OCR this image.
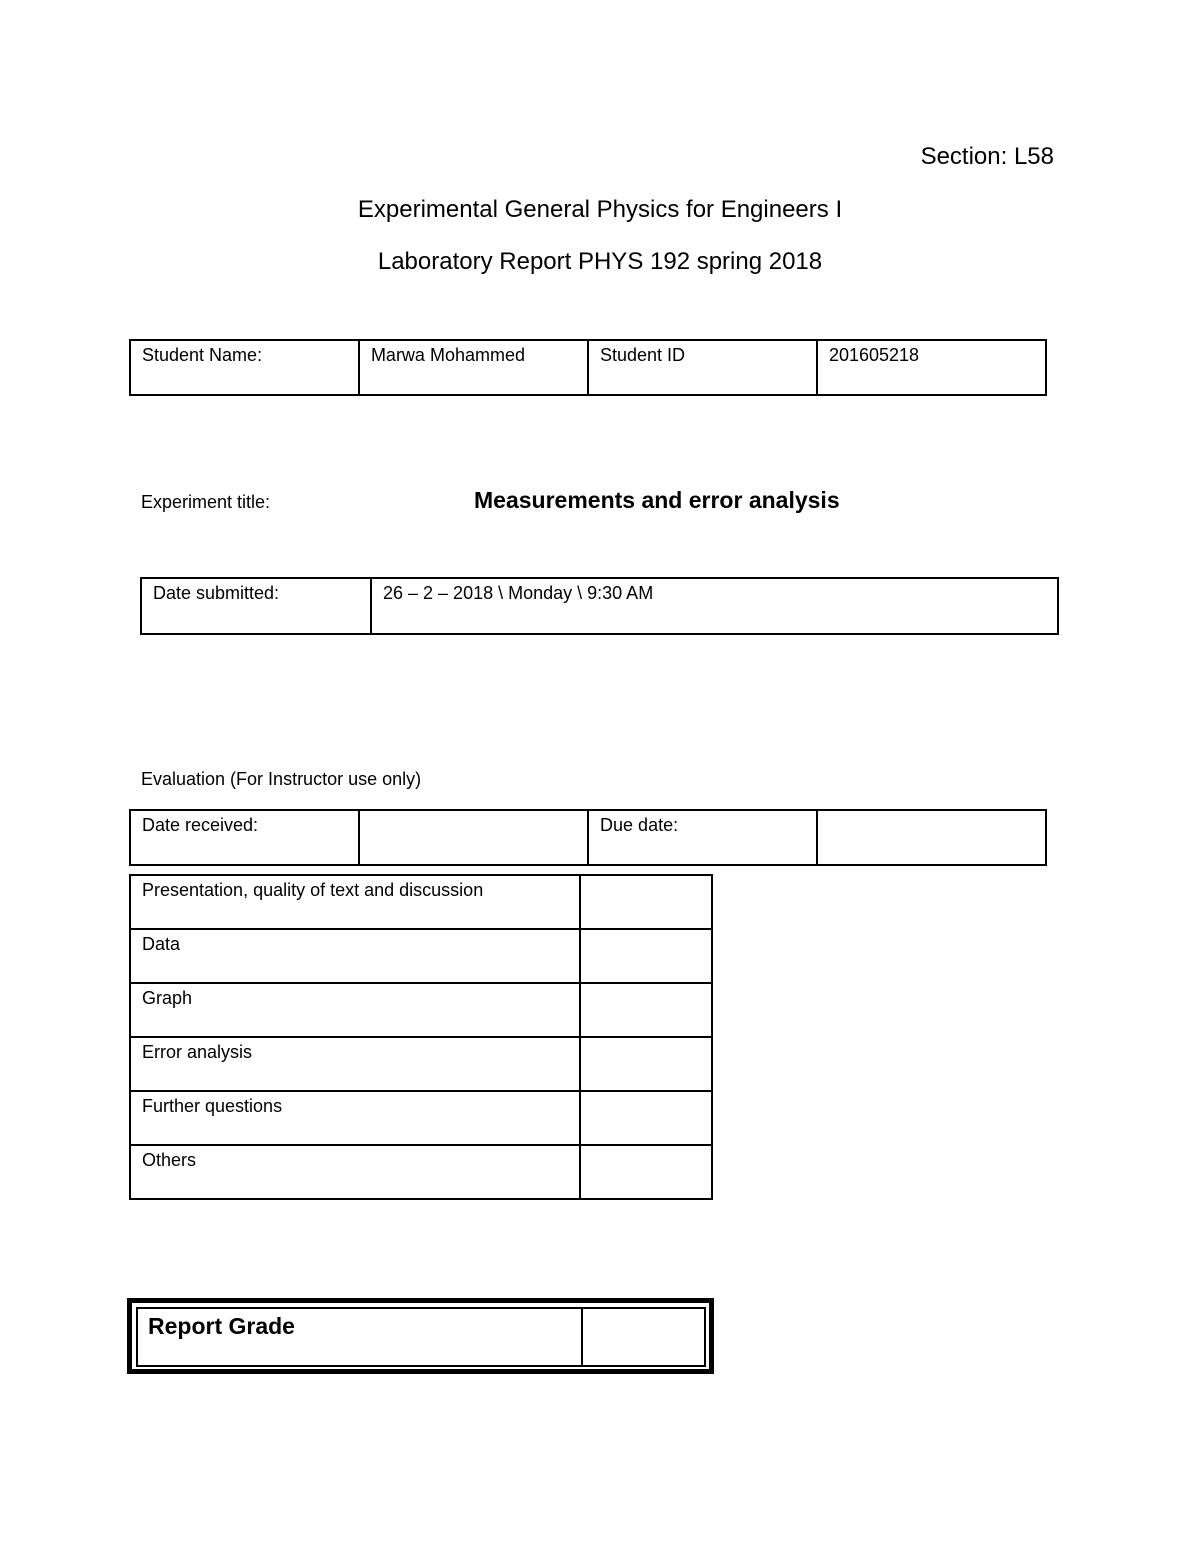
Section: L58
Experimental General Physics for Engineers I
Laboratory Report PHYS 192 spring 2018
Student Name:	Marwa Mohammed	Student ID	201605218
Experiment title:	Measurements and error analysis
Date submitted:	26 – 2 – 2018 \ Monday \ 9:30 AM
Evaluation (For Instructor use only)
Date received:		Due date:	
Presentation, quality of text and discussion	
Data	
Graph	
Error analysis	
Further questions	
Others	
Report Grade	
